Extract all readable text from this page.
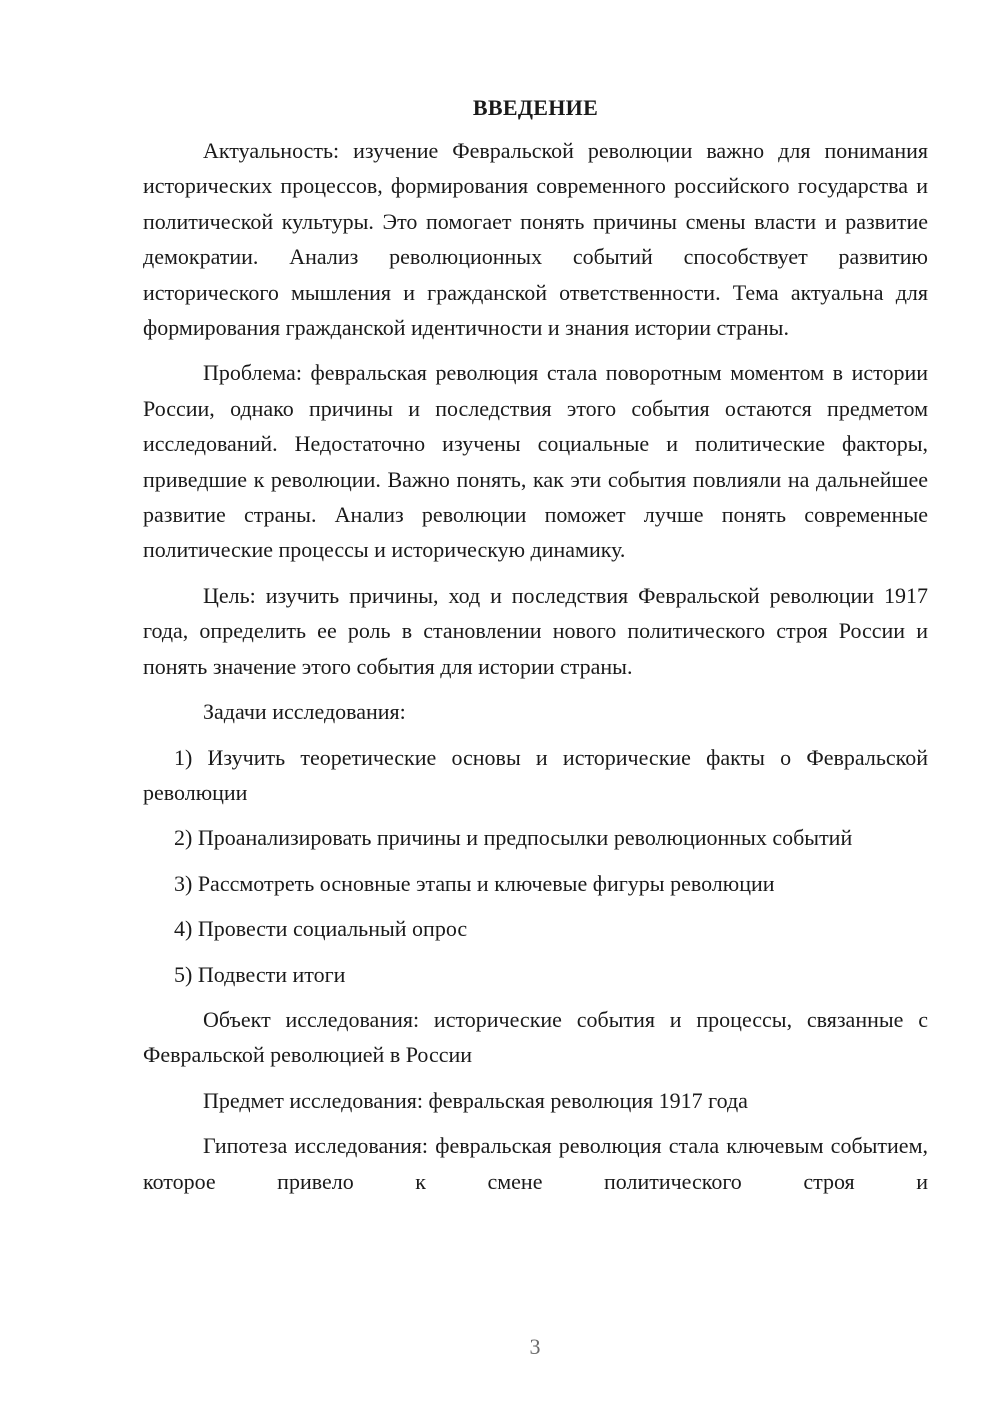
ВВЕДЕНИЕ

Актуальность: изучение Февральской революции важно для понимания исторических процессов, формирования современного российского государства и политической культуры. Это помогает понять причины смены власти и развитие демократии. Анализ революционных событий способствует развитию исторического мышления и гражданской ответственности. Тема актуальна для формирования гражданской идентичности и знания истории страны.

Проблема: февральская революция стала поворотным моментом в истории России, однако причины и последствия этого события остаются предметом исследований. Недостаточно изучены социальные и политические факторы, приведшие к революции. Важно понять, как эти события повлияли на дальнейшее развитие страны. Анализ революции поможет лучше понять современные политические процессы и историческую динамику.

Цель: изучить причины, ход и последствия Февральской революции 1917 года, определить ее роль в становлении нового политического строя России и понять значение этого события для истории страны.

Задачи исследования:

1) Изучить теоретические основы и исторические факты о Февральской революции

2) Проанализировать причины и предпосылки революционных событий

3) Рассмотреть основные этапы и ключевые фигуры революции

4) Провести социальный опрос

5) Подвести итоги

Объект исследования: исторические события и процессы, связанные с Февральской революцией в России

Предмет исследования: февральская революция 1917 года

Гипотеза исследования: февральская революция стала ключевым событием, которое привело к смене политического строя и

3
